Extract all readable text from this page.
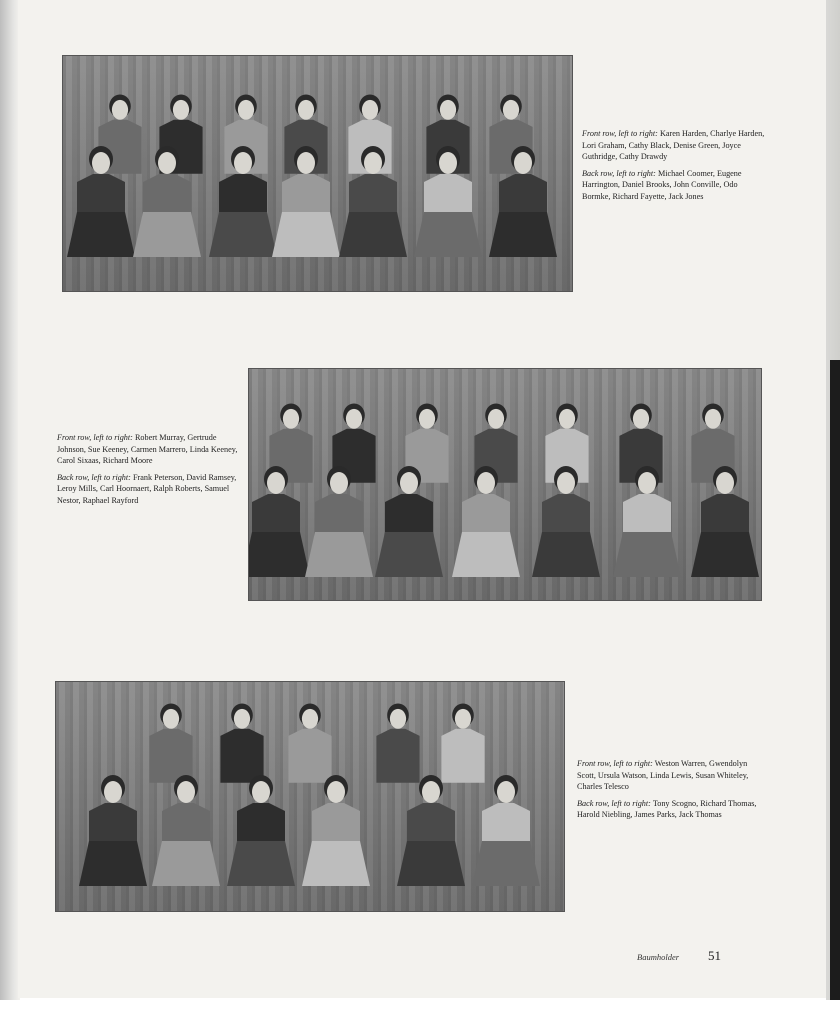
Front row, left to right: Karen Harden, Charlye Harden, Lori Graham, Cathy Black, Denise Green, Joyce Guthridge, Cathy Drawdy

Back row, left to right: Michael Coomer, Eugene Harrington, Daniel Brooks, John Conville, Odo Bormke, Richard Fayette, Jack Jones

Front row, left to right: Robert Murray, Gertrude Johnson, Sue Keeney, Carmen Marrero, Linda Keeney, Carol Sixaas, Richard Moore

Back row, left to right: Frank Peterson, David Ramsey, Leroy Mills, Carl Hoornaert, Ralph Roberts, Samuel Nestor, Raphael Rayford

Front row, left to right: Weston Warren, Gwendolyn Scott, Ursula Watson, Linda Lewis, Susan Whiteley, Charles Telesco

Back row, left to right: Tony Scogno, Richard Thomas, Harold Niebling, James Parks, Jack Thomas

Baumholder 51
